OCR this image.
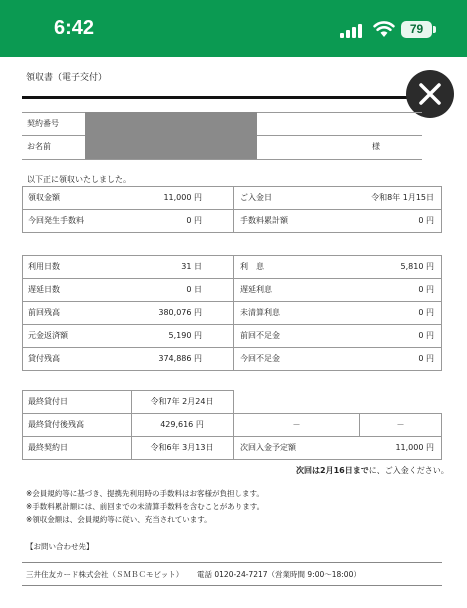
6:42	79
領収書（電子交付）
契約番号
お名前	様
以下正に領収いたしました。
領収金額	11,000 円	ご入金日	令和8年 1月15日
今回発生手数料	0 円	手数料累計額	0 円
利用日数	31 日	利　息	5,810 円
遅延日数	0 日	遅延利息	0 円
前回残高	380,076 円	未清算利息	0 円
元金返済額	5,190 円	前回不足金	0 円
貸付残高	374,886 円	今回不足金	0 円
最終貸付日	令和7年 2月24日
最終貸付後残高	429,616 円	－	－
最終契約日	令和6年 3月13日	次回入金予定額	11,000 円
次回は2月16日までに、ご入金ください。
※会員規約等に基づき、提携先利用時の手数料はお客様が負担します。
※手数料累計額には、前回までの未清算手数料を含むことがあります。
※領収金額は、会員規約等に従い、充当されています。
【お問い合わせ先】
三井住友カード株式会社（ＳＭＢＣモビット） 電話 0120-24-7217（営業時間 9:00～18:00）
